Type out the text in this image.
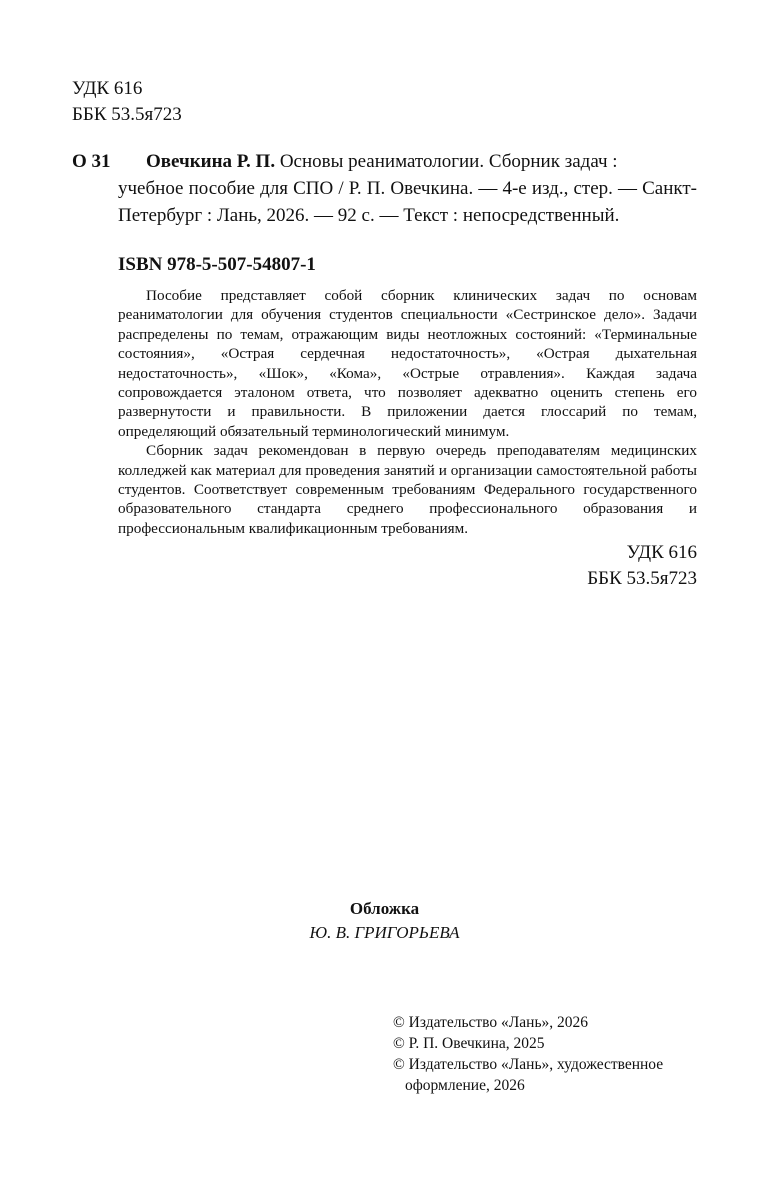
УДК 616
ББК 53.5я723
О 31	Овечкина Р. П. Основы реаниматологии. Сборник задач :
учебное пособие для СПО / Р. П. Овечкина. — 4-е изд., стер. — Санкт-Петербург : Лань, 2026. — 92 с. — Текст : непосредственный.
ISBN 978-5-507-54807-1

Пособие представляет собой сборник клинических задач по основам реаниматологии для обучения студентов специальности «Сестринское дело». Задачи распределены по темам, отражающим виды неотложных состояний: «Терминальные состояния», «Острая сердечная недостаточность», «Острая дыхательная недостаточность», «Шок», «Кома», «Острые отравления». Каждая задача сопровождается эталоном ответа, что позволяет адекватно оценить степень его развернутости и правильности. В приложении дается глоссарий по темам, определяющий обязательный терминологический минимум.

Сборник задач рекомендован в первую очередь преподавателям медицинских колледжей как материал для проведения занятий и организации самостоятельной работы студентов. Соответствует современным требованиям Федерального государственного образовательного стандарта среднего профессионального образования и профессиональным квалификационным требованиям.

УДК 616
ББК 53.5я723
Обложка
Ю. В. ГРИГОРЬЕВА
© Издательство «Лань», 2026
© Р. П. Овечкина, 2025
© Издательство «Лань», художественное
оформление, 2026
